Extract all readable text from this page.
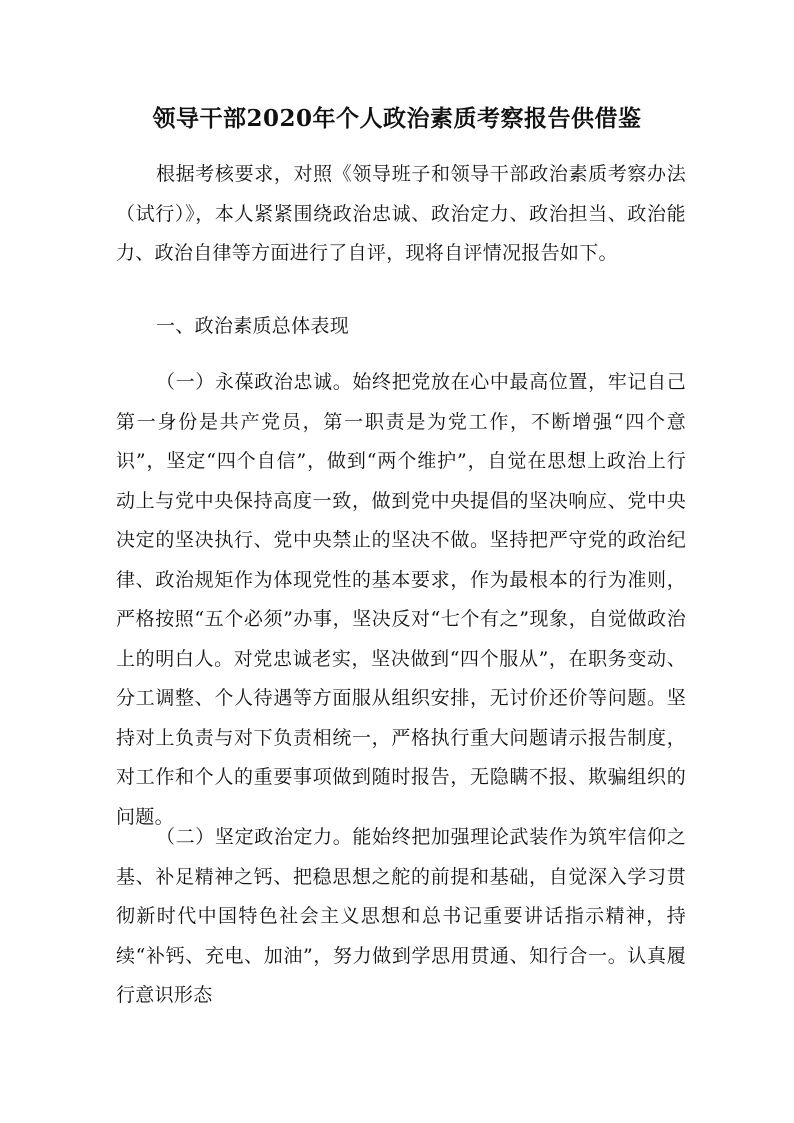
领导干部2020年个人政治素质考察报告供借鉴

根据考核要求，对照《领导班子和领导干部政治素质考察办法（试行）》，本人紧紧围绕政治忠诚、政治定力、政治担当、政治能力、政治自律等方面进行了自评，现将自评情况报告如下。

一、政治素质总体表现

（一）永葆政治忠诚。始终把党放在心中最高位置，牢记自己第一身份是共产党员，第一职责是为党工作，不断增强“四个意识”，坚定“四个自信”，做到“两个维护”，自觉在思想上政治上行动上与党中央保持高度一致，做到党中央提倡的坚决响应、党中央决定的坚决执行、党中央禁止的坚决不做。坚持把严守党的政治纪律、政治规矩作为体现党性的基本要求，作为最根本的行为准则，严格按照“五个必须”办事，坚决反对“七个有之”现象，自觉做政治上的明白人。对党忠诚老实，坚决做到“四个服从”，在职务变动、分工调整、个人待遇等方面服从组织安排，无讨价还价等问题。坚持对上负责与对下负责相统一，严格执行重大问题请示报告制度，对工作和个人的重要事项做到随时报告，无隐瞒不报、欺骗组织的问题。

（二）坚定政治定力。能始终把加强理论武装作为筑牢信仰之基、补足精神之钙、把稳思想之舵的前提和基础，自觉深入学习贯彻新时代中国特色社会主义思想和总书记重要讲话指示精神，持续“补钙、充电、加油”，努力做到学思用贯通、知行合一。认真履行意识形态
